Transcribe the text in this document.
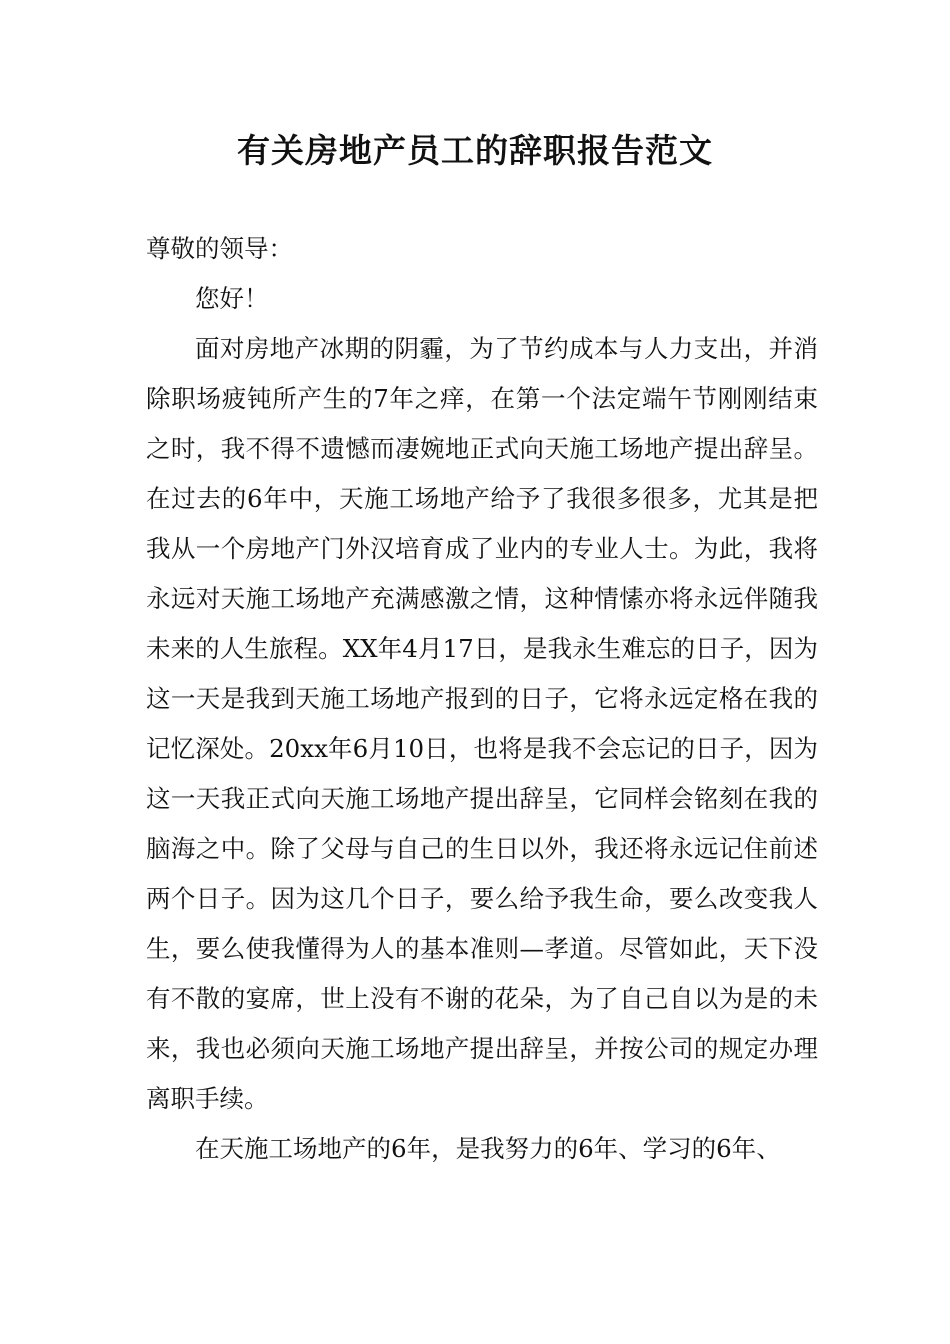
有关房地产员工的辞职报告范文

尊敬的领导：

您好！

面对房地产冰期的阴霾，为了节约成本与人力支出，并消除职场疲钝所产生的7年之痒，在第一个法定端午节刚刚结束之时，我不得不遗憾而凄婉地正式向天施工场地产提出辞呈。在过去的6年中，天施工场地产给予了我很多很多，尤其是把我从一个房地产门外汉培育成了业内的专业人士。为此，我将永远对天施工场地产充满感激之情，这种情愫亦将永远伴随我未来的人生旅程。XX年4月17日，是我永生难忘的日子，因为这一天是我到天施工场地产报到的日子，它将永远定格在我的记忆深处。20xx年6月10日，也将是我不会忘记的日子，因为这一天我正式向天施工场地产提出辞呈，它同样会铭刻在我的脑海之中。除了父母与自己的生日以外，我还将永远记住前述两个日子。因为这几个日子，要么给予我生命，要么改变我人生，要么使我懂得为人的基本准则—孝道。尽管如此，天下没有不散的宴席，世上没有不谢的花朵，为了自己自以为是的未来，我也必须向天施工场地产提出辞呈，并按公司的规定办理离职手续。

在天施工场地产的6年，是我努力的6年、学习的6年、
